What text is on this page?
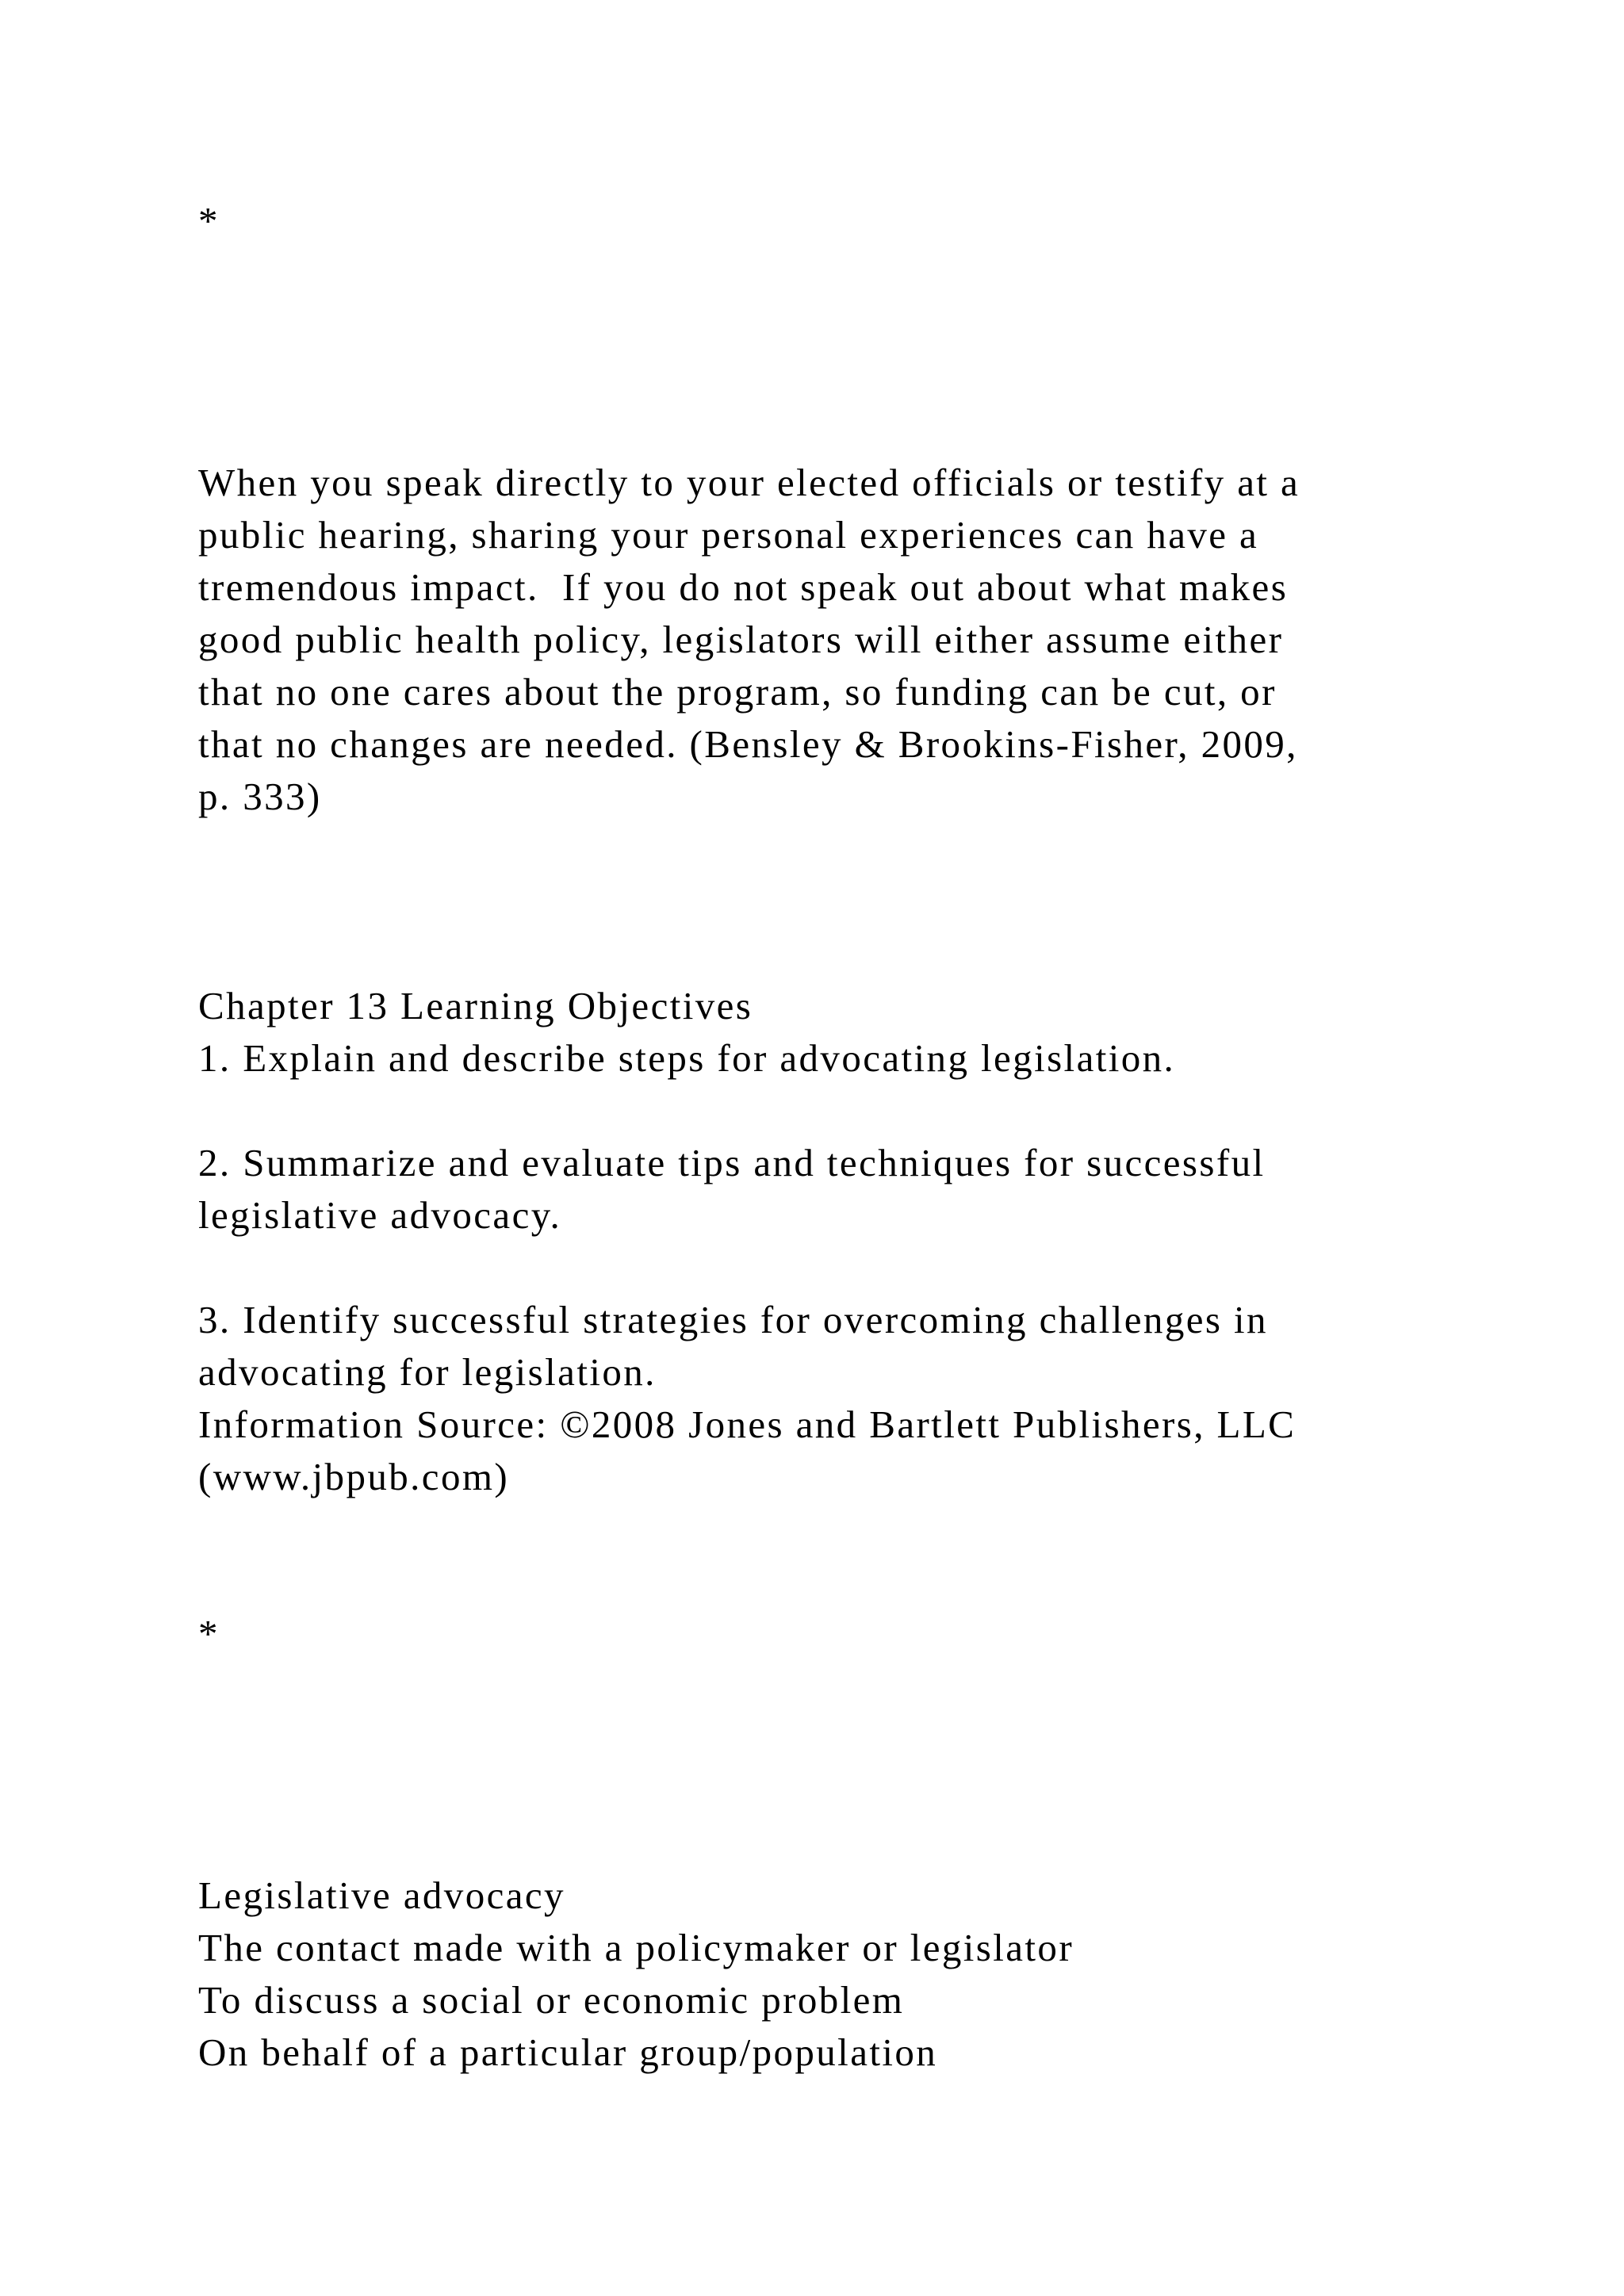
*

When you speak directly to your elected officials or testify at a

public hearing, sharing your personal experiences can have a

tremendous impact.  If you do not speak out about what makes

good public health policy, legislators will either assume either

that no one cares about the program, so funding can be cut, or

that no changes are needed. (Bensley & Brookins-Fisher, 2009,

p. 333)

Chapter 13 Learning Objectives

1. Explain and describe steps for advocating legislation.

2. Summarize and evaluate tips and techniques for successful

legislative advocacy.

3. Identify successful strategies for overcoming challenges in

advocating for legislation.

Information Source: ©2008 Jones and Bartlett Publishers, LLC

(www.jbpub.com)

*

Legislative advocacy

The contact made with a policymaker or legislator

To discuss a social or economic problem

On behalf of a particular group/population
